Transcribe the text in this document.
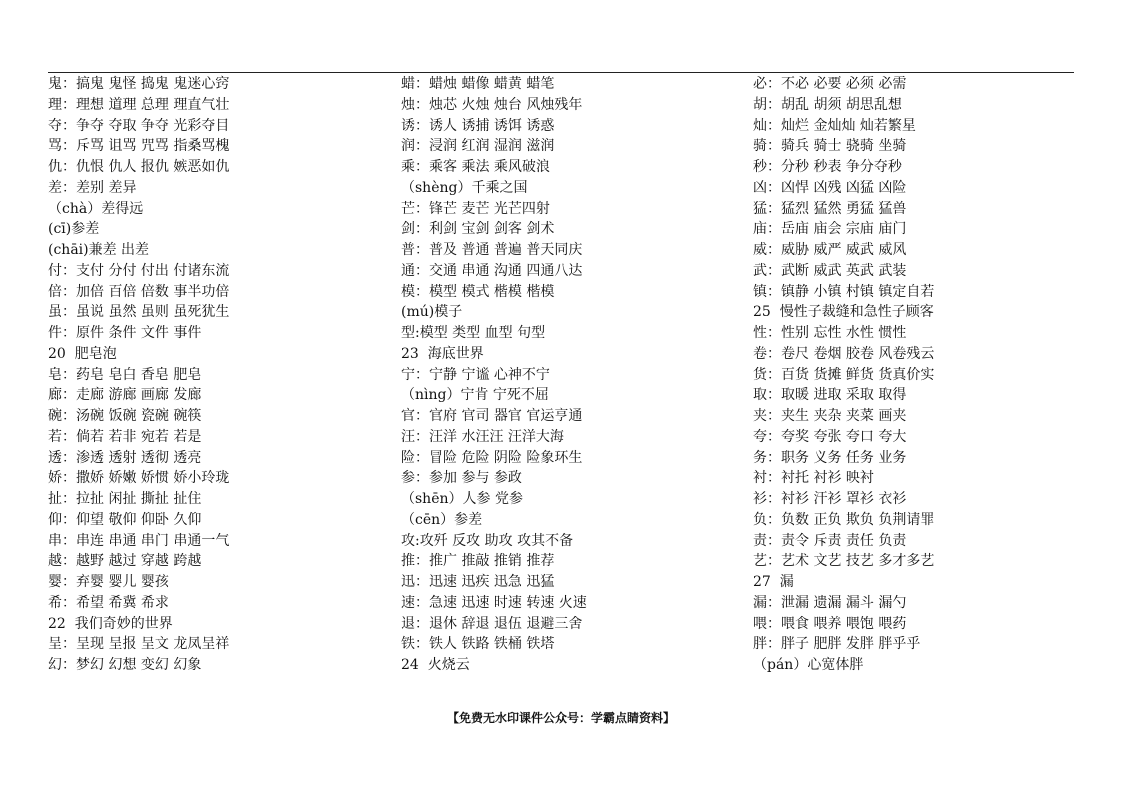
鬼：搞鬼 鬼怪 捣鬼 鬼迷心窍
理：理想 道理 总理 理直气壮
夺：争夺 夺取 争夺 光彩夺目
骂：斥骂 诅骂 咒骂 指桑骂槐
仇：仇恨 仇人 报仇 嫉恶如仇
差：差别 差异
（chà）差得远
(cī)参差
(chāi)兼差 出差
付：支付 分付 付出 付诸东流
倍：加倍 百倍 倍数 事半功倍
虽：虽说 虽然 虽则 虽死犹生
件：原件 条件 文件 事件
20  肥皂泡
皂：药皂 皂白 香皂 肥皂
廊：走廊 游廊 画廊 发廊
碗：汤碗 饭碗 瓷碗 碗筷
若：倘若 若非 宛若 若是
透：渗透 透射 透彻 透亮
娇：撒娇 娇嫩 娇惯 娇小玲珑
扯：拉扯 闲扯 撕扯 扯住
仰：仰望 敬仰 仰卧 久仰
串：串连 串通 串门 串通一气
越：越野 越过 穿越 跨越
婴：弃婴 婴儿 婴孩
希：希望 希冀 希求
22  我们奇妙的世界
呈：呈现 呈报 呈文 龙凤呈祥
幻：梦幻 幻想 变幻 幻象
蜡：蜡烛 蜡像 蜡黄 蜡笔
烛：烛芯 火烛 烛台 风烛残年
诱：诱人 诱捕 诱饵 诱惑
润：浸润 红润 湿润 滋润
乘：乘客 乘法 乘风破浪
（shèng）千乘之国
芒：锋芒 麦芒 光芒四射
剑：利剑 宝剑 剑客 剑术
普：普及 普通 普遍 普天同庆
通：交通 串通 沟通 四通八达
模：模型 模式 楷模 楷模
(mú)模子
型:模型 类型 血型 句型
23  海底世界
宁：宁静 宁谧 心神不宁
（nìng）宁肯 宁死不屈
官：官府 官司 器官 官运亨通
汪：汪洋 水汪汪 汪洋大海
险：冒险 危险 阴险 险象环生
参：参加 参与 参政
（shēn）人参 党参
（cēn）参差
攻:攻歼 反攻 助攻 攻其不备
推：推广 推敲 推销 推荐
迅：迅速 迅疾 迅急 迅猛
速：急速 迅速 时速 转速 火速
退：退休 辞退 退伍 退避三舍
铁：铁人 铁路 铁桶 铁塔
24  火烧云
必：不必 必要 必须 必需
胡：胡乱 胡须 胡思乱想
灿：灿烂 金灿灿 灿若繁星
骑：骑兵 骑士 骁骑 坐骑
秒：分秒 秒表 争分夺秒
凶：凶悍 凶残 凶猛 凶险
猛：猛烈 猛然 勇猛 猛兽
庙：岳庙 庙会 宗庙 庙门
威：威胁 威严 威武 威风
武：武断 威武 英武 武装
镇：镇静 小镇 村镇 镇定自若
25  慢性子裁缝和急性子顾客
性：性别 忘性 水性 惯性
卷：卷尺 卷烟 胶卷 风卷残云
货：百货 货摊 鲜货 货真价实
取：取暖 进取 采取 取得
夹：夹生 夹杂 夹菜 画夹
夸：夸奖 夸张 夸口 夸大
务：职务 义务 任务 业务
衬：衬托 衬衫 映衬
衫：衬衫 汗衫 罩衫 衣衫
负：负数 正负 欺负 负荆请罪
责：责令 斥责 责任 负责
艺：艺术 文艺 技艺 多才多艺
27  漏
漏：泄漏 遗漏 漏斗 漏勺
喂：喂食 喂养 喂饱 喂药
胖：胖子 肥胖 发胖 胖乎乎
（pán）心宽体胖
【免费无水印课件公众号：学霸点睛资料】
